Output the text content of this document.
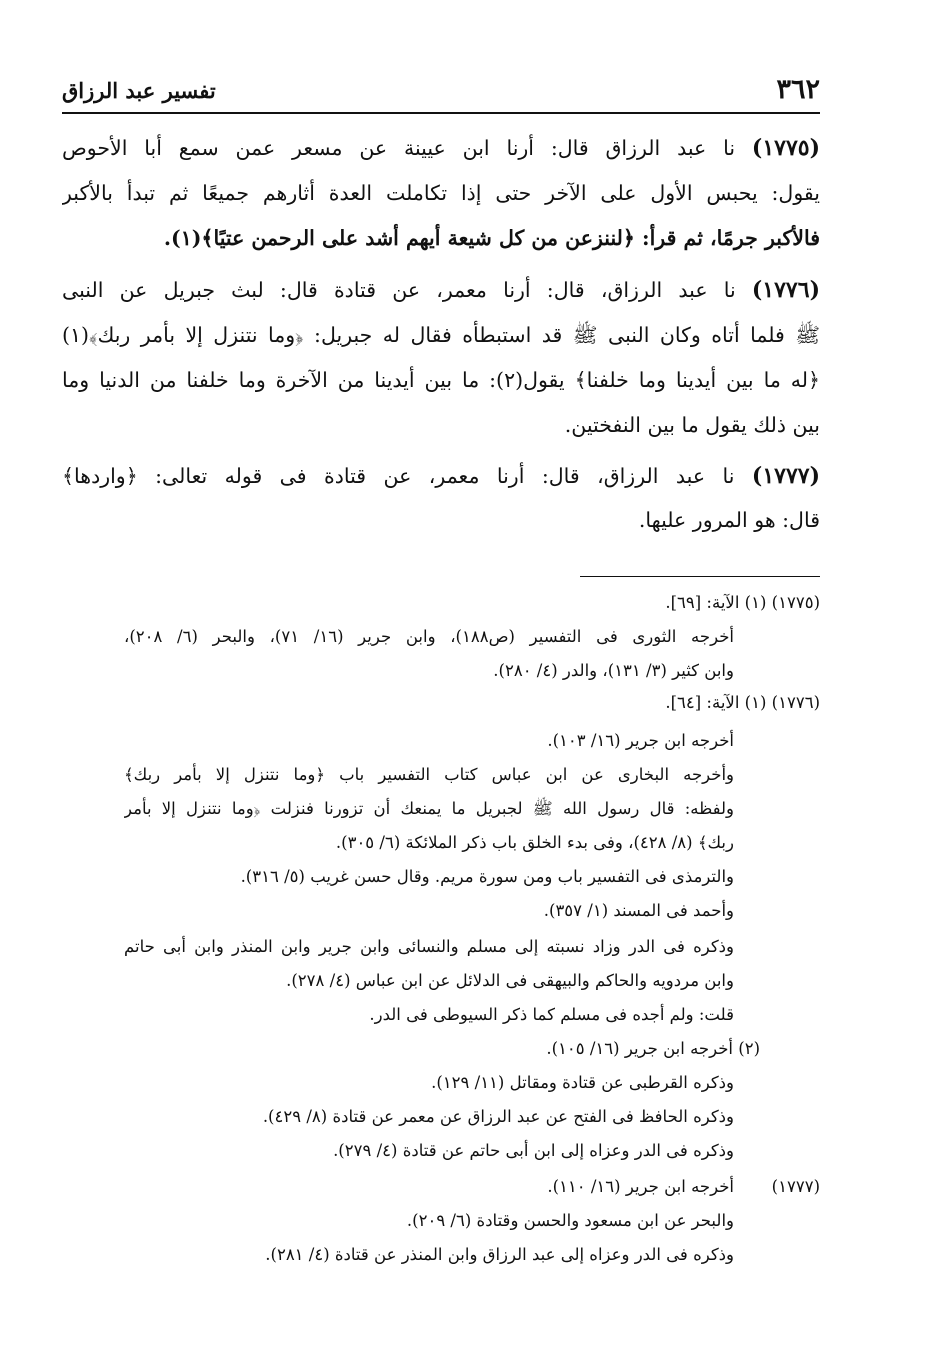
٣٦٢
تفسير عبد الرزاق
(١٧٧٥) نا عبد الرزاق قال: أرنا ابن عيينة عن مسعر عمن سمع أبا الأحوص
يقول: يحبس الأول على الآخر حتى إذا تكاملت العدة أثارهم جميعًا ثم تبدأ بالأكبر
فالأكبر جرمًا، ثم قرأ: ﴿لننزعن من كل شيعة أيهم أشد على الرحمن عتيًا﴾(١).
(١٧٧٦) نا عبد الرزاق، قال: أرنا معمر، عن قتادة قال: لبث جبريل عن النبى
ﷺ فلما أتاه وكان النبى ﷺ قد استبطأه فقال له جبريل: ﴿وما نتنزل إلا بأمر ربك﴾(١)
﴿له ما بين أيدينا وما خلفنا﴾ يقول(٢): ما بين أيدينا من الآخرة وما خلفنا من الدنيا وما
بين ذلك يقول ما بين النفختين.
(١٧٧٧) نا عبد الرزاق، قال: أرنا معمر، عن قتادة فى قوله تعالى: ﴿واردها﴾
قال: هو المرور عليها.
(١٧٧٥) (١) الآية: [٦٩].
أخرجه الثورى فى التفسير (ص١٨٨)، وابن جرير (١٦/ ٧١)، والبحر (٦/ ٢٠٨)،
وابن كثير (٣/ ١٣١)، والدر (٤/ ٢٨٠).
(١٧٧٦) (١) الآية: [٦٤].
أخرجه ابن جرير (١٦/ ١٠٣).
وأخرجه البخارى عن ابن عباس كتاب التفسير باب ﴿وما نتنزل إلا بأمر ربك﴾
ولفظه: قال رسول الله ﷺ لجبريل ما يمنعك أن تزورنا فنزلت ﴿وما نتنزل إلا بأمر
ربك﴾ (٨/ ٤٢٨)، وفى بدء الخلق باب ذكر الملائكة (٦/ ٣٠٥).
والترمذى فى التفسير باب ومن سورة مريم. وقال حسن غريب (٥/ ٣١٦).
وأحمد فى المسند (١/ ٣٥٧).
وذكره فى الدر وزاد نسبته إلى مسلم والنسائى وابن جرير وابن المنذر وابن أبى حاتم
وابن مردويه والحاكم والبيهقى فى الدلائل عن ابن عباس (٤/ ٢٧٨).
قلت: ولم أجده فى مسلم كما ذكر السيوطى فى الدر.
(٢) أخرجه ابن جرير (١٦/ ١٠٥).
وذكره القرطبى عن قتادة ومقاتل (١١/ ١٢٩).
وذكره الحافظ فى الفتح عن عبد الرزاق عن معمر عن قتادة (٨/ ٤٢٩).
وذكره فى الدر وعزاه إلى ابن أبى حاتم عن قتادة (٤/ ٢٧٩).
(١٧٧٧)
أخرجه ابن جرير (١٦/ ١١٠).
والبحر عن ابن مسعود والحسن وقتادة (٦/ ٢٠٩).
وذكره فى الدر وعزاه إلى عبد الرزاق وابن المنذر عن قتادة (٤/ ٢٨١).
